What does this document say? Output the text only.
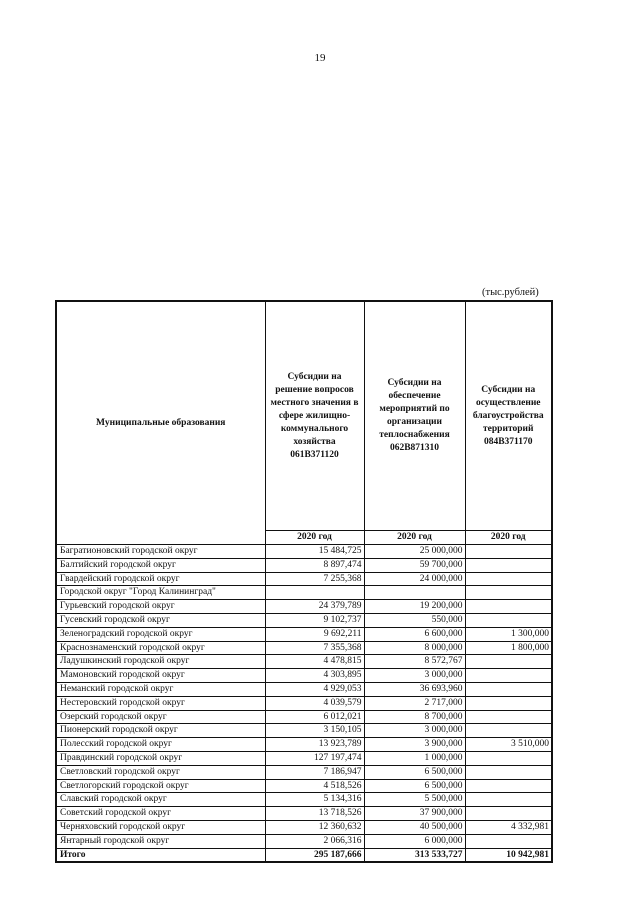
19
(тыс.рублей)
Муниципальные образования	Субсидии на решение вопросов местного значения в сфере жилищно-коммунального хозяйства 061B371120	Субсидии на обеспечение мероприятий по организации теплоснабжения 062B871310	Субсидии на осуществление благоустройства территорий 084B371170
	2020 год	2020 год	2020 год
Багратионовский городской округ	15 484,725	25 000,000	
Балтийский городской округ	8 897,474	59 700,000	
Гвардейский городской округ	7 255,368	24 000,000	
Городской округ "Город Калининград"			
Гурьевский городской округ	24 379,789	19 200,000	
Гусевский городской округ	9 102,737	550,000	
Зеленоградский городской округ	9 692,211	6 600,000	1 300,000
Краснознаменский городской округ	7 355,368	8 000,000	1 800,000
Ладушкинский городской округ	4 478,815	8 572,767	
Мамоновский городской округ	4 303,895	3 000,000	
Неманский городской округ	4 929,053	36 693,960	
Нестеровский городской округ	4 039,579	2 717,000	
Озерский городской округ	6 012,021	8 700,000	
Пионерский городской округ	3 150,105	3 000,000	
Полесский городской округ	13 923,789	3 900,000	3 510,000
Правдинский городской округ	127 197,474	1 000,000	
Светловский городской округ	7 186,947	6 500,000	
Светлогорский городской округ	4 518,526	6 500,000	
Славский городской округ	5 134,316	5 500,000	
Советский городской округ	13 718,526	37 900,000	
Черняховский городской округ	12 360,632	40 500,000	4 332,981
Янтарный городской округ	2 066,316	6 000,000	
Итого	295 187,666	313 533,727	10 942,981
